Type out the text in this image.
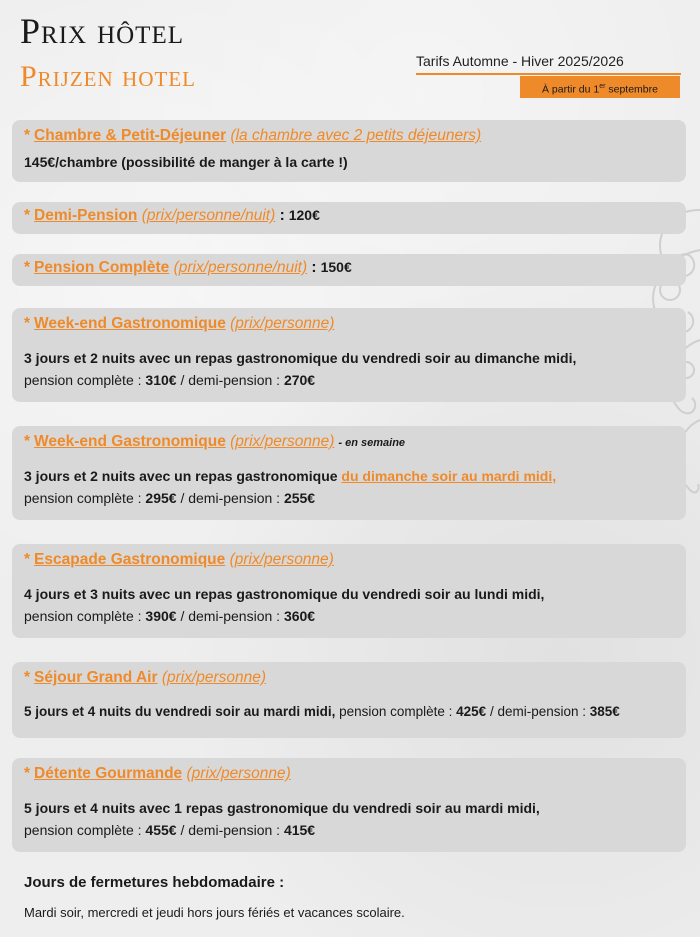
Prix hôtel
Prijzen hotel	Tarifs Automne - Hiver 2025/2026
À partir du 1er septembre
* Chambre & Petit-Déjeuner (la chambre avec 2 petits déjeuners)
145€/chambre (possibilité de manger à la carte !)
* Demi-Pension (prix/personne/nuit) : 120€
* Pension Complète (prix/personne/nuit) : 150€
* Week-end Gastronomique (prix/personne)
3 jours et 2 nuits avec un repas gastronomique du vendredi soir au dimanche midi,
pension complète : 310€ / demi-pension : 270€
* Week-end Gastronomique (prix/personne) - en semaine
3 jours et 2 nuits avec un repas gastronomique du dimanche soir au mardi midi,
pension complète : 295€ / demi-pension : 255€
* Escapade Gastronomique (prix/personne)
4 jours et 3 nuits avec un repas gastronomique du vendredi soir au lundi midi,
pension complète : 390€ / demi-pension : 360€
* Séjour Grand Air (prix/personne)
5 jours et 4 nuits du vendredi soir au mardi midi, pension complète : 425€ / demi-pension : 385€
* Détente Gourmande (prix/personne)
5 jours et 4 nuits avec 1 repas gastronomique du vendredi soir au mardi midi,
pension complète : 455€ / demi-pension : 415€
Jours de fermetures hebdomadaire :
Mardi soir, mercredi et jeudi hors jours fériés et vacances scolaire.
